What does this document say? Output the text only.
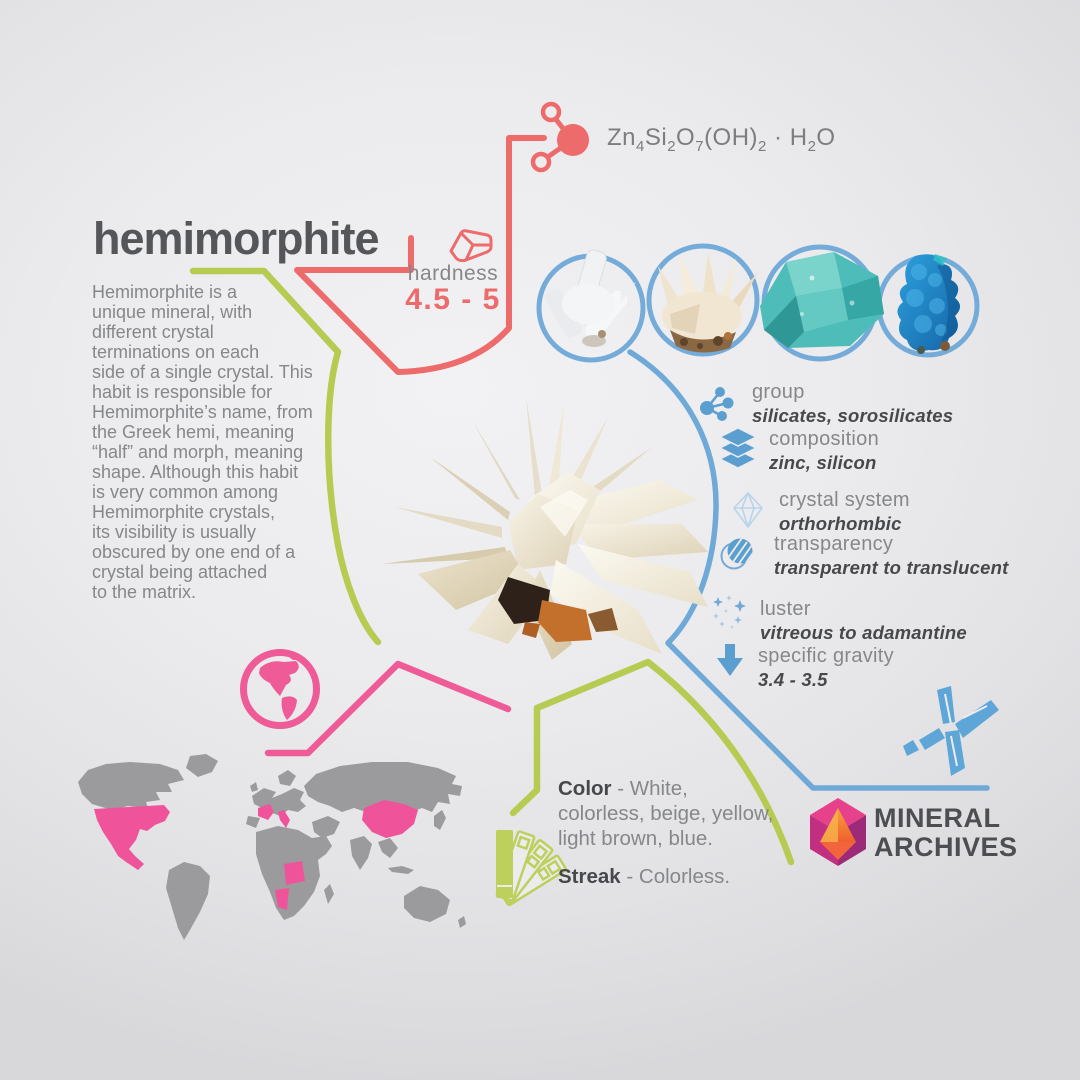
hemimorphite
Hemimorphite is a
unique mineral, with
different crystal
terminations on each
side of a single crystal. This
habit is responsible for
Hemimorphite’s name, from
the Greek hemi, meaning
“half” and morph, meaning
shape. Although this habit
is very common among
Hemimorphite crystals,
its visibility is usually
obscured by one end of a
crystal being attached
to the matrix.
$Zn_4Si_2O_7(OH)_2 \cdot H_2O$
hardness
4.5 - 5
group
silicates, sorosilicates
composition
zinc, silicon
crystal system
orthorhombic
transparency
transparent to translucent
luster
vitreous to adamantine
specific gravity
3.4 - 3.5
Color - White,
colorless, beige, yellow,
light brown, blue.
Streak - Colorless.
MINERAL
ARCHIVES
